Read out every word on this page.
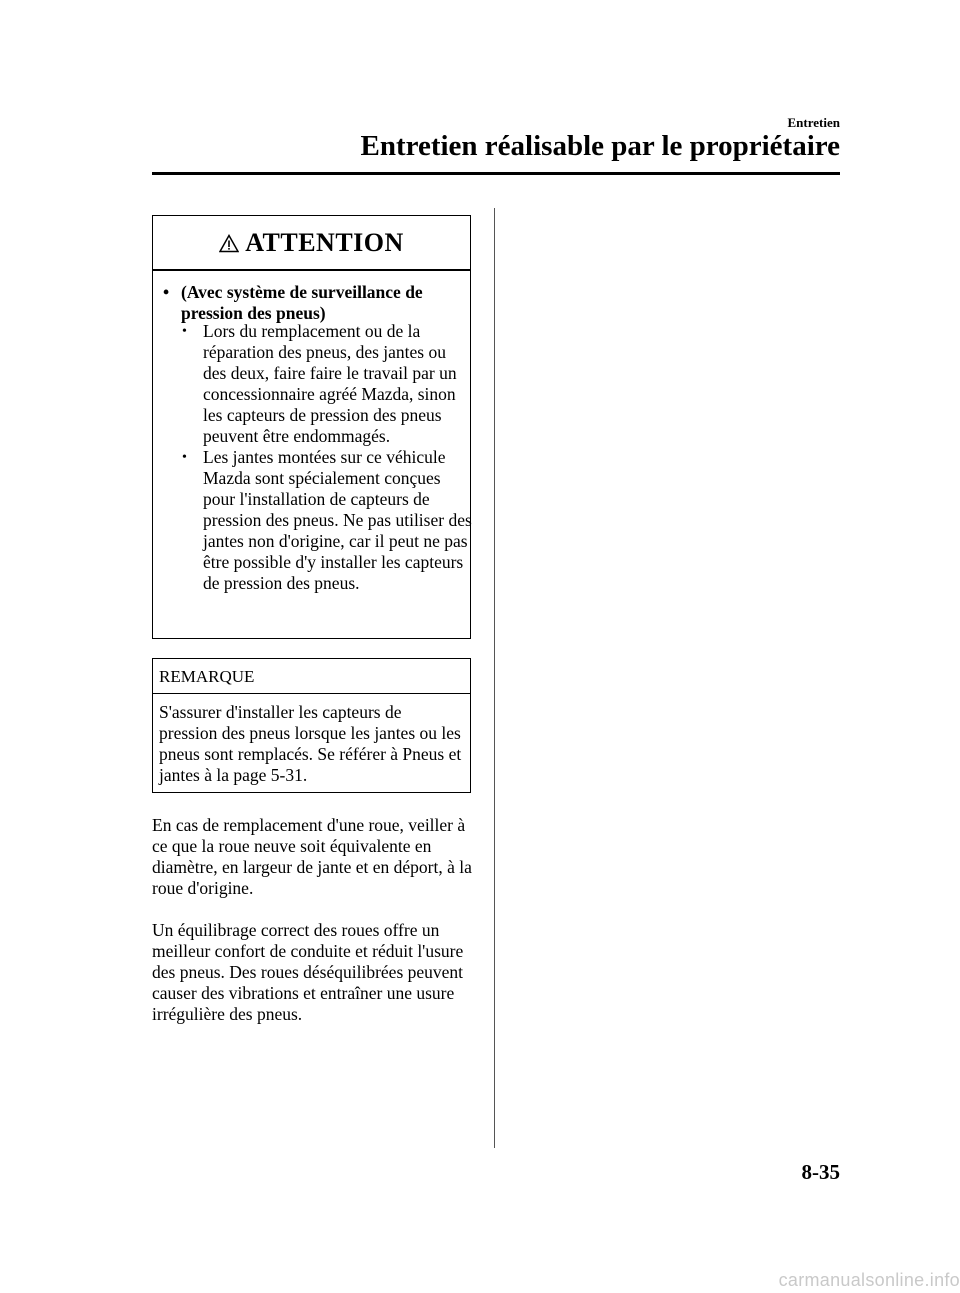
Entretien
Entretien réalisable par le propriétaire
ATTENTION
• (Avec système de surveillance de pression des pneus)
• Lors du remplacement ou de la réparation des pneus, des jantes ou des deux, faire faire le travail par un concessionnaire agréé Mazda, sinon les capteurs de pression des pneus peuvent être endommagés.
• Les jantes montées sur ce véhicule Mazda sont spécialement conçues pour l'installation de capteurs de pression des pneus. Ne pas utiliser des jantes non d'origine, car il peut ne pas être possible d'y installer les capteurs de pression des pneus.
REMARQUE
S'assurer d'installer les capteurs de pression des pneus lorsque les jantes ou les pneus sont remplacés. Se référer à Pneus et jantes à la page 5-31.
En cas de remplacement d'une roue, veiller à ce que la roue neuve soit équivalente en diamètre, en largeur de jante et en déport, à la roue d'origine.
Un équilibrage correct des roues offre un meilleur confort de conduite et réduit l'usure des pneus. Des roues déséquilibrées peuvent causer des vibrations et entraîner une usure irrégulière des pneus.
8-35
carmanualsonline.info
